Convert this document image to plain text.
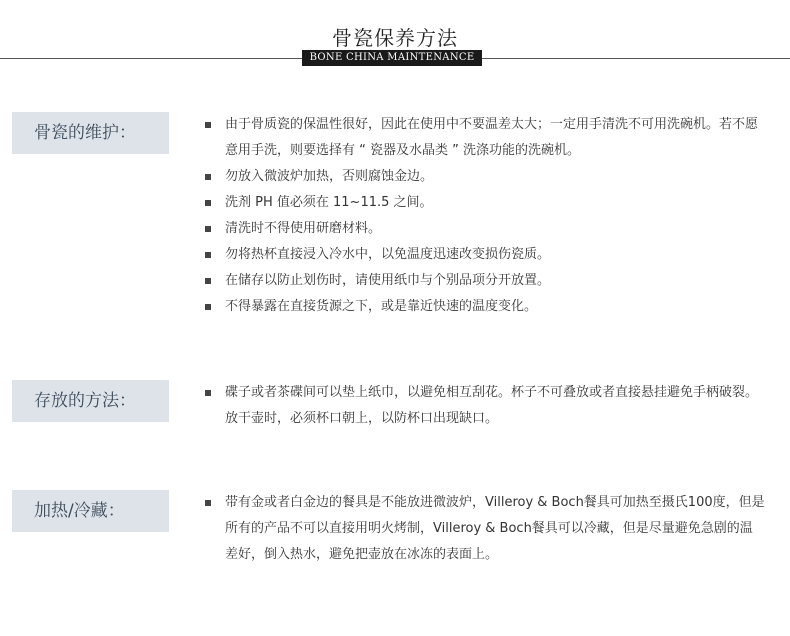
骨瓷保养方法
BONE CHINA MAINTENANCE
骨瓷的维护：	由于骨质瓷的保温性很好，因此在使用中不要温差太大；一定用手清洗不可用洗碗机。若不愿意用手洗，则要选择有 “ 瓷器及水晶类 ” 洗涤功能的洗碗机。
勿放入微波炉加热，否则腐蚀金边。
洗剂 PH 值必须在 11~11.5 之间。
清洗时不得使用研磨材料。
勿将热杯直接浸入冷水中，以免温度迅速改变损伤瓷质。
在储存以防止划伤时，请使用纸巾与个别品项分开放置。
不得暴露在直接货源之下，或是靠近快速的温度变化。
存放的方法：	碟子或者茶碟间可以垫上纸巾，以避免相互刮花。杯子不可叠放或者直接悬挂避免手柄破裂。放干壶时，必须杯口朝上，以防杯口出现缺口。
加热/冷藏：	带有金或者白金边的餐具是不能放进微波炉，Villeroy & Boch餐具可加热至摄氏100度，但是所有的产品不可以直接用明火烤制，Villeroy & Boch餐具可以冷藏，但是尽量避免急剧的温差好，倒入热水，避免把壶放在冰冻的表面上。
